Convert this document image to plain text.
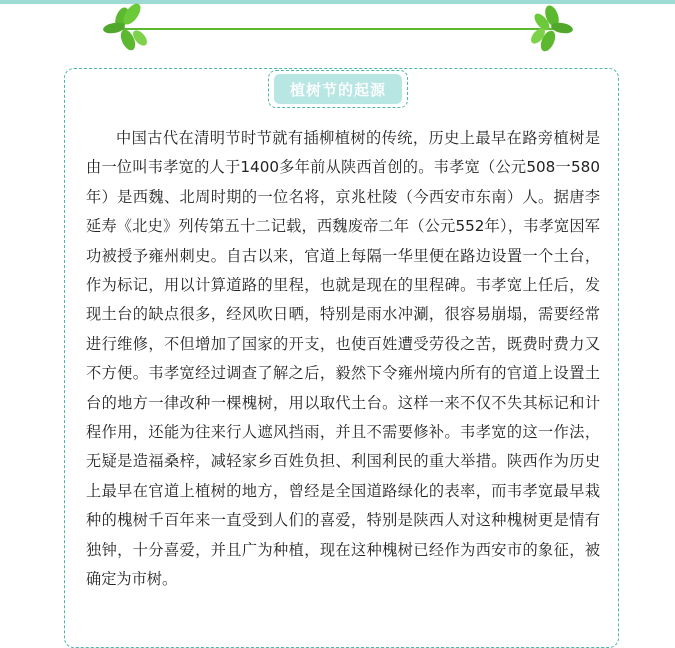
植树节的起源

中国古代在清明节时节就有插柳植树的传统，历史上最早在路旁植树是由一位叫韦孝宽的人于1400多年前从陕西首创的。韦孝宽（公元508一580年）是西魏、北周时期的一位名将，京兆杜陵（今西安市东南）人。据唐李延寿《北史》列传第五十二记载，西魏废帝二年（公元552年），韦孝宽因军功被授予雍州刺史。自古以来，官道上每隔一华里便在路边设置一个土台，作为标记，用以计算道路的里程，也就是现在的里程碑。韦孝宽上任后，发现土台的缺点很多，经风吹日晒，特别是雨水冲涮，很容易崩塌，需要经常进行维修，不但增加了国家的开支，也使百姓遭受劳役之苦，既费时费力又不方便。韦孝宽经过调查了解之后，毅然下令雍州境内所有的官道上设置土台的地方一律改种一棵槐树，用以取代土台。这样一来不仅不失其标记和计程作用，还能为往来行人遮风挡雨，并且不需要修补。韦孝宽的这一作法，无疑是造福桑梓，减轻家乡百姓负担、利国利民的重大举措。陕西作为历史上最早在官道上植树的地方，曾经是全国道路绿化的表率，而韦孝宽最早栽种的槐树千百年来一直受到人们的喜爱，特别是陕西人对这种槐树更是情有独钟，十分喜爱，并且广为种植，现在这种槐树已经作为西安市的象征，被确定为市树。
